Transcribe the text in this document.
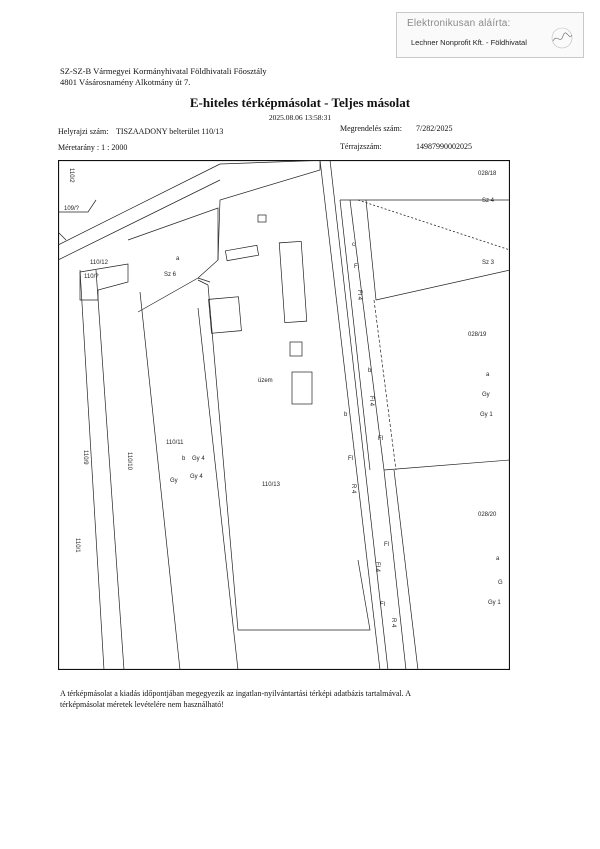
Elektronikusan aláírta:
Lechner Nonprofit Kft. - Földhivatal
SZ-SZ-B Vármegyei Kormányhivatal Földhivatali Főosztály
4801 Vásárosnamény Alkotmány út 7.
E-hiteles térképmásolat - Teljes másolat
2025.08.06 13:58:31
Helyrajzi szám: TISZAADONY belterület 110/13	Megrendelés szám: 7/282/2025
Méretarány : 1 : 2000	Térrajzszám:	14987990002025
028/18
Sz 4
110/12
110/?
a
Sz 6
c
Fl
Fl 4
Sz 3
028/19
a
Gy
Gy 1
b
Fl 4
Fl
üzem
b
110/11
b
Gy
Gy 4
110/10
110/9
110/13
Fl
R 4
028/20
a
G
Gy 1
Fl
Fl 4
R 4
Fl
Gy 4
109/?
110/2
110/1
A térképmásolat a kiadás időpontjában megegyezik az ingatlan-nyilvántartási térképi adatbázis tartalmával. A
térképmásolat méretek levételére nem használható!
